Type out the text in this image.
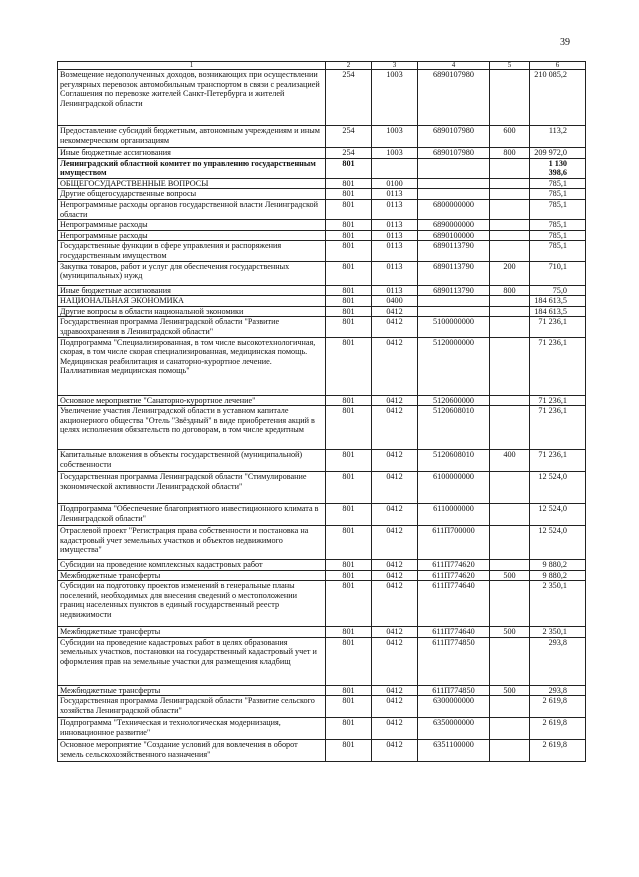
39
1	2	3	4	5	6
Возмещение недополученных доходов, возникающих при осуществлении регулярных перевозок автомобильным транспортом в связи с реализацией Соглашения по перевозке жителей Санкт-Петербурга и жителей Ленинградской области	254	1003	6890107980		210 085,2
Предоставление субсидий бюджетным, автономным учреждениям и иным некоммерческим организациям	254	1003	6890107980	600	113,2
Иные бюджетные ассигнования	254	1003	6890107980	800	209 972,0
Ленинградский областной комитет по управлению государственным имуществом	801				1 130 398,6
ОБЩЕГОСУДАРСТВЕННЫЕ ВОПРОСЫ	801	0100			785,1
Другие общегосударственные вопросы	801	0113			785,1
Непрограммные расходы органов государственной власти Ленинградской области	801	0113	6800000000		785,1
Непрограммные расходы	801	0113	6890000000		785,1
Непрограммные расходы	801	0113	6890100000		785,1
Государственные функции в сфере управления и распоряжения государственным имуществом	801	0113	6890113790		785,1
Закупка товаров, работ и услуг для обеспечения государственных (муниципальных) нужд	801	0113	6890113790	200	710,1
Иные бюджетные ассигнования	801	0113	6890113790	800	75,0
НАЦИОНАЛЬНАЯ ЭКОНОМИКА	801	0400			184 613,5
Другие вопросы в области национальной экономики	801	0412			184 613,5
Государственная программа Ленинградской области "Развитие здравоохранения в Ленинградской области"	801	0412	5100000000		71 236,1
Подпрограмма "Специализированная, в том числе высокотехнологичная, скорая, в том числе скорая специализированная, медицинская помощь. Медицинская реабилитация и санаторно-курортное лечение. Паллиативная медицинская помощь"	801	0412	5120000000		71 236,1
Основное мероприятие "Санаторно-курортное лечение"	801	0412	5120600000		71 236,1
Увеличение участия Ленинградской области в уставном капитале акционерного общества "Отель "Звёздный" в виде приобретения акций в целях исполнения обязательств по договорам, в том числе кредитным	801	0412	5120608010		71 236,1
Капитальные вложения в объекты государственной (муниципальной) собственности	801	0412	5120608010	400	71 236,1
Государственная программа Ленинградской области "Стимулирование экономической активности Ленинградской области"	801	0412	6100000000		12 524,0
Подпрограмма "Обеспечение благоприятного инвестиционного климата в Ленинградской области"	801	0412	6110000000		12 524,0
Отраслевой проект "Регистрация права собственности и постановка на кадастровый учет земельных участков и объектов недвижимого имущества"	801	0412	611П700000		12 524,0
Субсидии на проведение комплексных кадастровых работ	801	0412	611П774620		9 880,2
Межбюджетные трансферты	801	0412	611П774620	500	9 880,2
Субсидии на подготовку проектов изменений в генеральные планы поселений, необходимых для внесения сведений о местоположении границ населенных пунктов в единый государственный реестр недвижимости	801	0412	611П774640		2 350,1
Межбюджетные трансферты	801	0412	611П774640	500	2 350,1
Субсидии на проведение кадастровых работ в целях образования земельных участков, постановки на государственный кадастровый учет и оформления прав на земельные участки для размещения кладбищ	801	0412	611П774850		293,8
Межбюджетные трансферты	801	0412	611П774850	500	293,8
Государственная программа Ленинградской области "Развитие сельского хозяйства Ленинградской области"	801	0412	6300000000		2 619,8
Подпрограмма "Техническая и технологическая модернизация, инновационное развитие"	801	0412	6350000000		2 619,8
Основное мероприятие "Создание условий для вовлечения в оборот земель сельскохозяйственного назначения"	801	0412	6351100000		2 619,8
